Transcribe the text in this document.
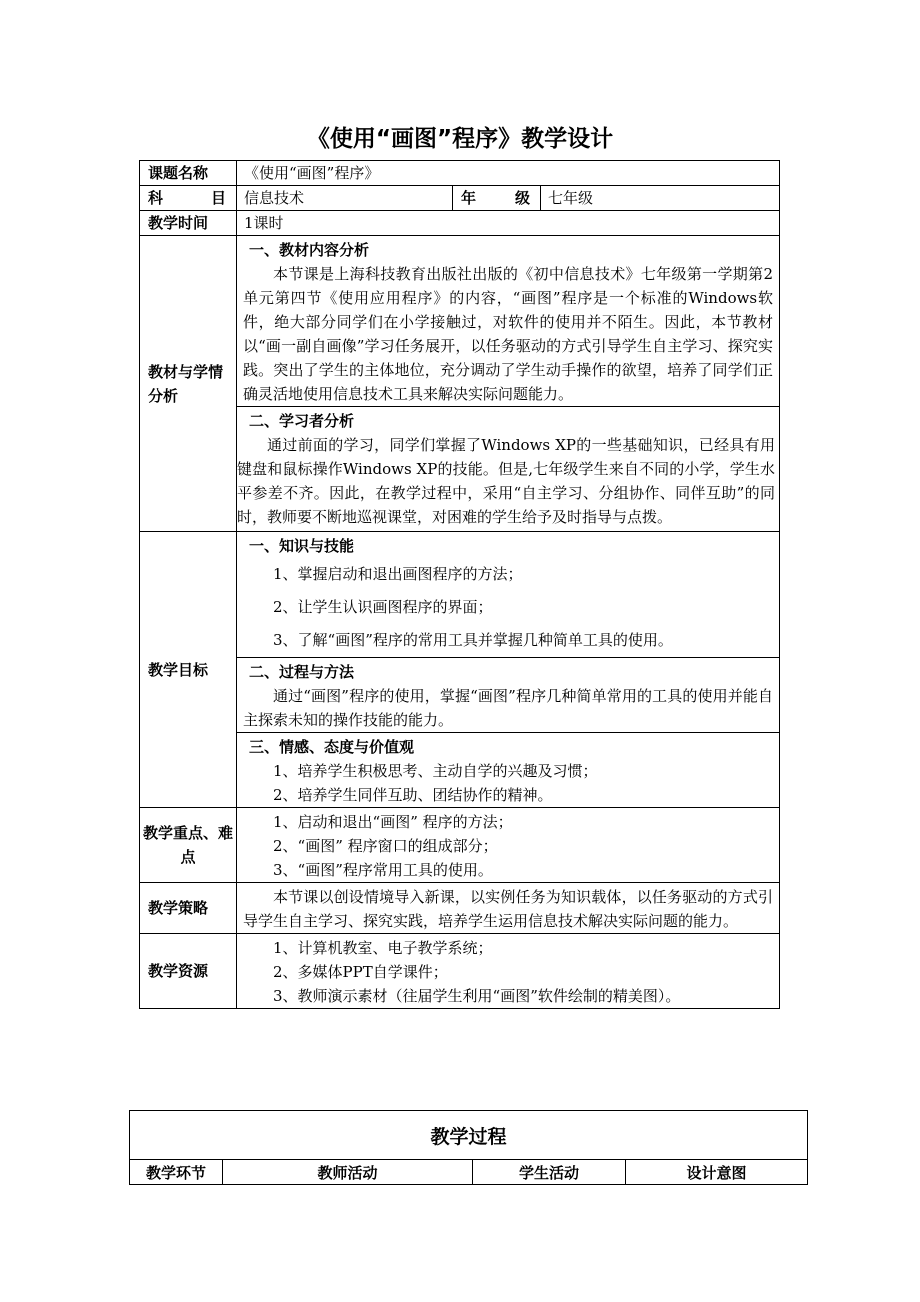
《使用“画图”程序》教学设计
课题名称	《使用“画图”程序》		

科 目	信息技术	年 级	七年级
教学时间	1课时		
教材与学情分析	一、教材内容分析

本节课是上海科技教育出版社出版的《初中信息技术》七年级第一学期第2单元第四节《使用应用程序》的内容，“画图”程序是一个标准的Windows软件，绝大部分同学们在小学接触过，对软件的使用并不陌生。因此，本节教材以“画一副自画像”学习任务展开，以任务驱动的方式引导学生自主学习、探究实践。突出了学生的主体地位，充分调动了学生动手操作的欲望，培养了同学们正确灵活地使用信息技术工具来解决实际问题能力。		

	二、学习者分析

通过前面的学习，同学们掌握了Windows XP的一些基础知识，已经具有用键盘和鼠标操作Windows XP的技能。但是,七年级学生来自不同的小学，学生水平参差不齐。因此，在教学过程中，采用“自主学习、分组协作、同伴互助”的同时，教师要不断地巡视课堂，对困难的学生给予及时指导与点拨。		

教学目标	一、知识与技能
1、掌握启动和退出画图程序的方法；
2、让学生认识画图程序的界面；
3、了解“画图”程序的常用工具并掌握几种简单工具的使用。		

	二、过程与方法

通过“画图”程序的使用，掌握“画图”程序几种简单常用的工具的使用并能自主探索未知的操作技能的能力。		

	三、情感、态度与价值观
1、培养学生积极思考、主动自学的兴趣及习惯；
2、培养学生同伴互助、团结协作的精神。		

教学重点、难点	1、启动和退出“画图” 程序的方法；
2、“画图” 程序窗口的组成部分；
3、“画图”程序常用工具的使用。		

教学策略	本节课以创设情境导入新课，以实例任务为知识载体，以任务驱动的方式引导学生自主学习、探究实践，培养学生运用信息技术解决实际问题的能力。		

教学资源	1、计算机教室、电子教学系统；
2、多媒体PPT自学课件；
3、教师演示素材（往届学生利用“画图”软件绘制的精美图）。		
教学过程
教学环节	教师活动	学生活动	设计意图
